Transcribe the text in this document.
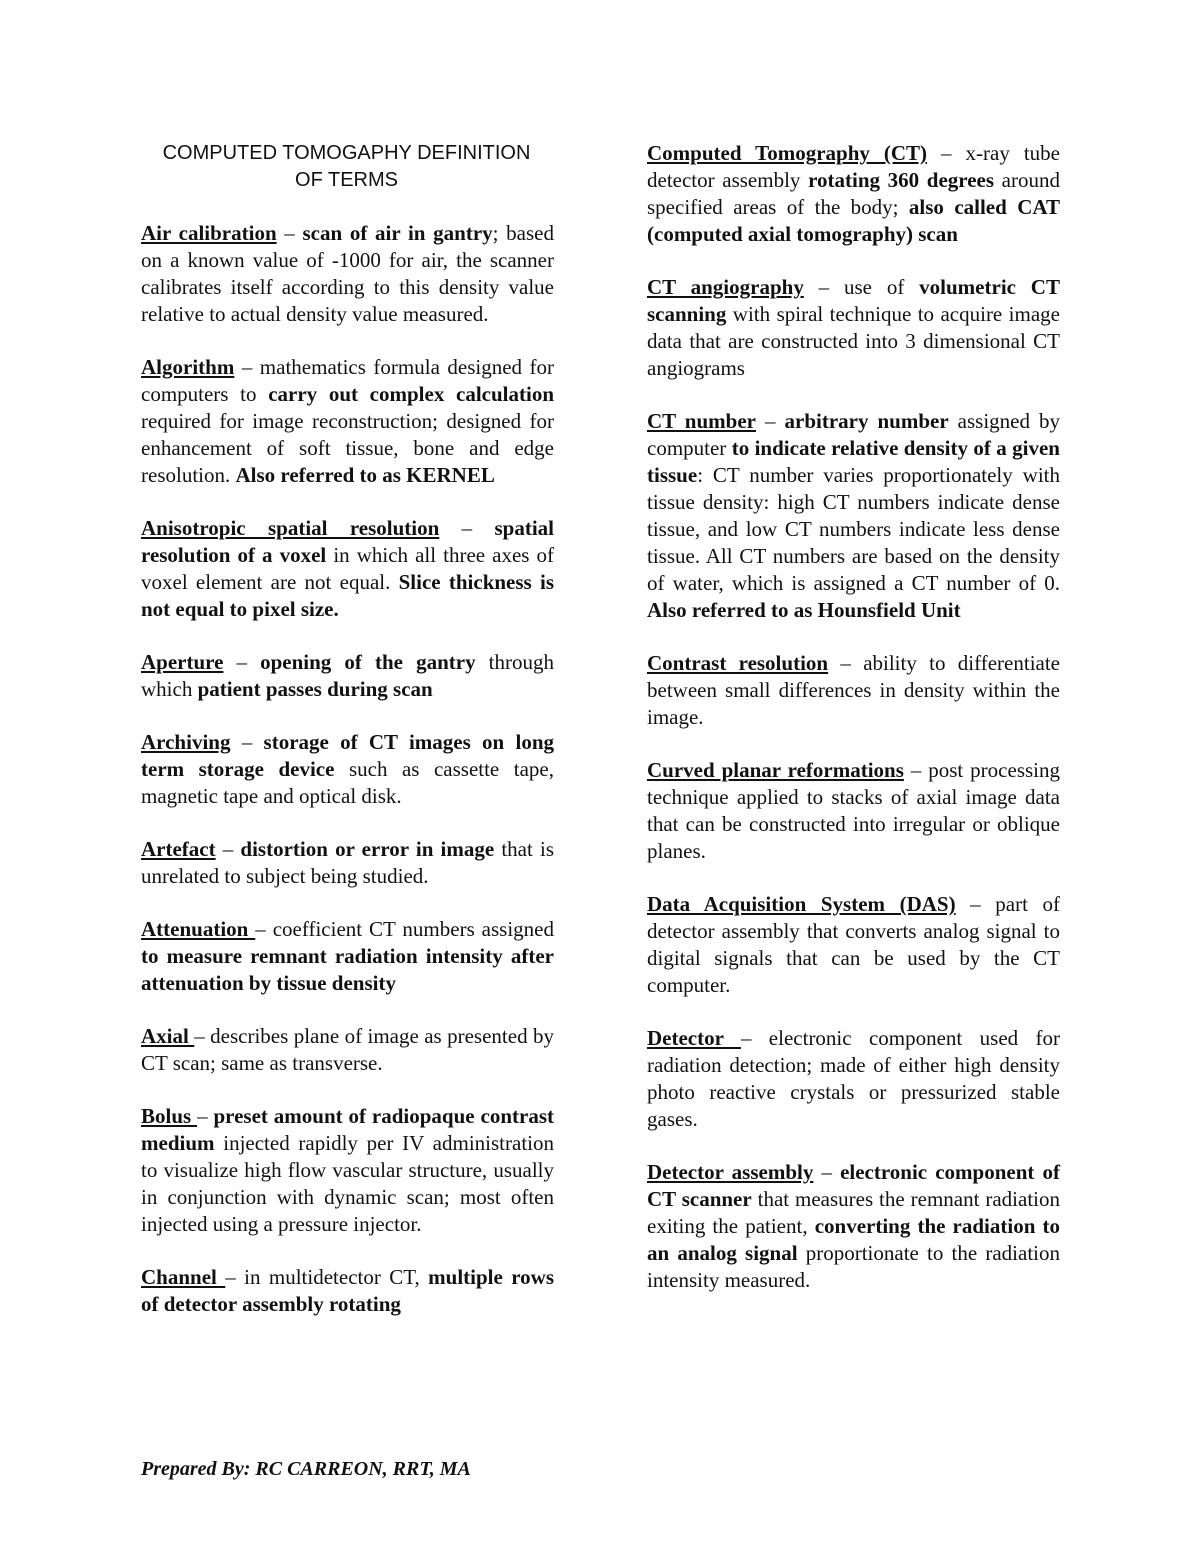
COMPUTED TOMOGAPHY DEFINITION
OF TERMS

Air calibration – scan of air in gantry; based on a known value of -1000 for air, the scanner calibrates itself according to this density value relative to actual density value measured.

Algorithm – mathematics formula designed for computers to carry out complex calculation required for image reconstruction; designed for enhancement of soft tissue, bone and edge resolution. Also referred to as KERNEL

Anisotropic spatial resolution – spatial resolution of a voxel in which all three axes of voxel element are not equal. Slice thickness is not equal to pixel size.

Aperture – opening of the gantry through which patient passes during scan

Archiving – storage of CT images on long term storage device such as cassette tape, magnetic tape and optical disk.

Artefact – distortion or error in image that is unrelated to subject being studied.

Attenuation – coefficient CT numbers assigned to measure remnant radiation intensity after attenuation by tissue density

Axial – describes plane of image as presented by CT scan; same as transverse.

Bolus – preset amount of radiopaque contrast medium injected rapidly per IV administration to visualize high flow vascular structure, usually in conjunction with dynamic scan; most often injected using a pressure injector.

Channel – in multidetector CT, multiple rows of detector assembly rotating

Computed Tomography (CT) – x-ray tube detector assembly rotating 360 degrees around specified areas of the body; also called CAT (computed axial tomography) scan

CT angiography – use of volumetric CT scanning with spiral technique to acquire image data that are constructed into 3 dimensional CT angiograms

CT number – arbitrary number assigned by computer to indicate relative density of a given tissue: CT number varies proportionately with tissue density: high CT numbers indicate dense tissue, and low CT numbers indicate less dense tissue. All CT numbers are based on the density of water, which is assigned a CT number of 0. Also referred to as Hounsfield Unit

Contrast resolution – ability to differentiate between small differences in density within the image.

Curved planar reformations – post processing technique applied to stacks of axial image data that can be constructed into irregular or oblique planes.

Data Acquisition System (DAS) – part of detector assembly that converts analog signal to digital signals that can be used by the CT computer.

Detector – electronic component used for radiation detection; made of either high density photo reactive crystals or pressurized stable gases.

Detector assembly – electronic component of CT scanner that measures the remnant radiation exiting the patient, converting the radiation to an analog signal proportionate to the radiation intensity measured.

Prepared By: RC CARREON, RRT, MA
